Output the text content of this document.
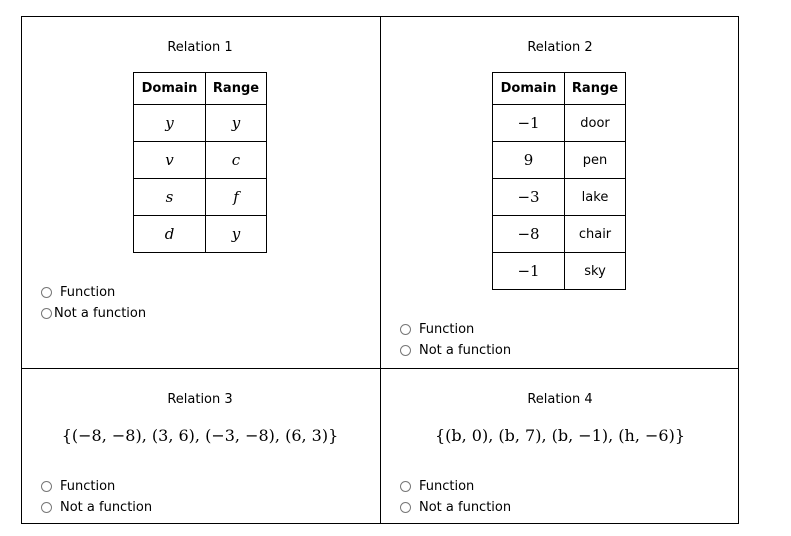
Relation 1
Domain	Range
y	y
v	c
s	f
d	y
Function
Not a function
Relation 2
Domain	Range
−1	door
9	pen
−3	lake
−8	chair
−1	sky
Function
Not a function
Relation 3
{(−8, −8), (3, 6), (−3, −8), (6, 3)}
Function
Not a function
Relation 4
{(b, 0), (b, 7), (b, −1), (h, −6)}
Function
Not a function
